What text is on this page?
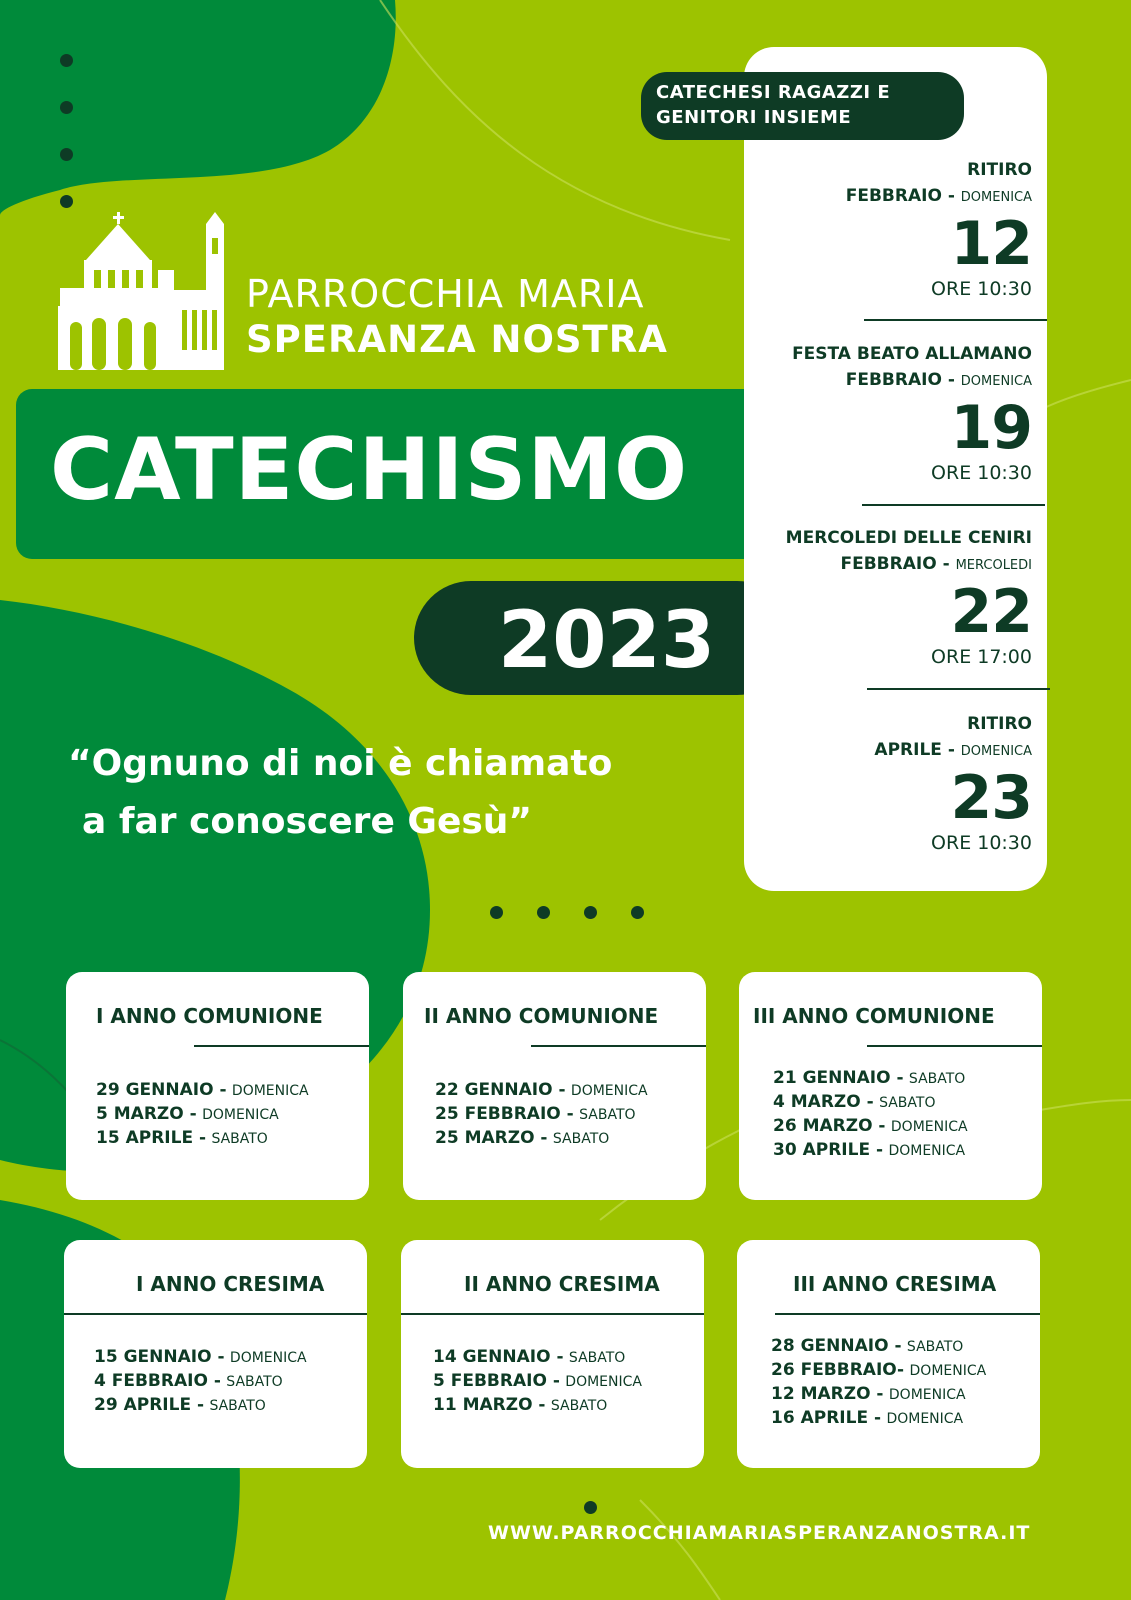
PARROCCHIA MARIA
SPERANZA NOSTRA
CATECHISMO
2023
“Ognuno di noi è chiamato
a far conoscere Gesù”
CATECHESI RAGAZZI E
GENITORI INSIEME
RITIRO
FEBBRAIO - DOMENICA
12
ORE 10:30
FESTA BEATO ALLAMANO
FEBBRAIO - DOMENICA
19
ORE 10:30
MERCOLEDI DELLE CENIRI
FEBBRAIO - MERCOLEDI
22
ORE 17:00
RITIRO
APRILE - DOMENICA
23
ORE 10:30
I ANNO COMUNIONE
29 GENNAIO - DOMENICA
5 MARZO - DOMENICA
15 APRILE - SABATO
II ANNO COMUNIONE
22 GENNAIO - DOMENICA
25 FEBBRAIO - SABATO
25 MARZO - SABATO
III ANNO COMUNIONE
21 GENNAIO - SABATO
4 MARZO - SABATO
26 MARZO - DOMENICA
30 APRILE - DOMENICA
I ANNO CRESIMA
15 GENNAIO - DOMENICA
4 FEBBRAIO - SABATO
29 APRILE - SABATO
II ANNO CRESIMA
14 GENNAIO - SABATO
5 FEBBRAIO - DOMENICA
11 MARZO - SABATO
III ANNO CRESIMA
28 GENNAIO - SABATO
26 FEBBRAIO- DOMENICA
12 MARZO - DOMENICA
16 APRILE - DOMENICA
WWW.PARROCCHIAMARIASPERANZANOSTRA.IT
